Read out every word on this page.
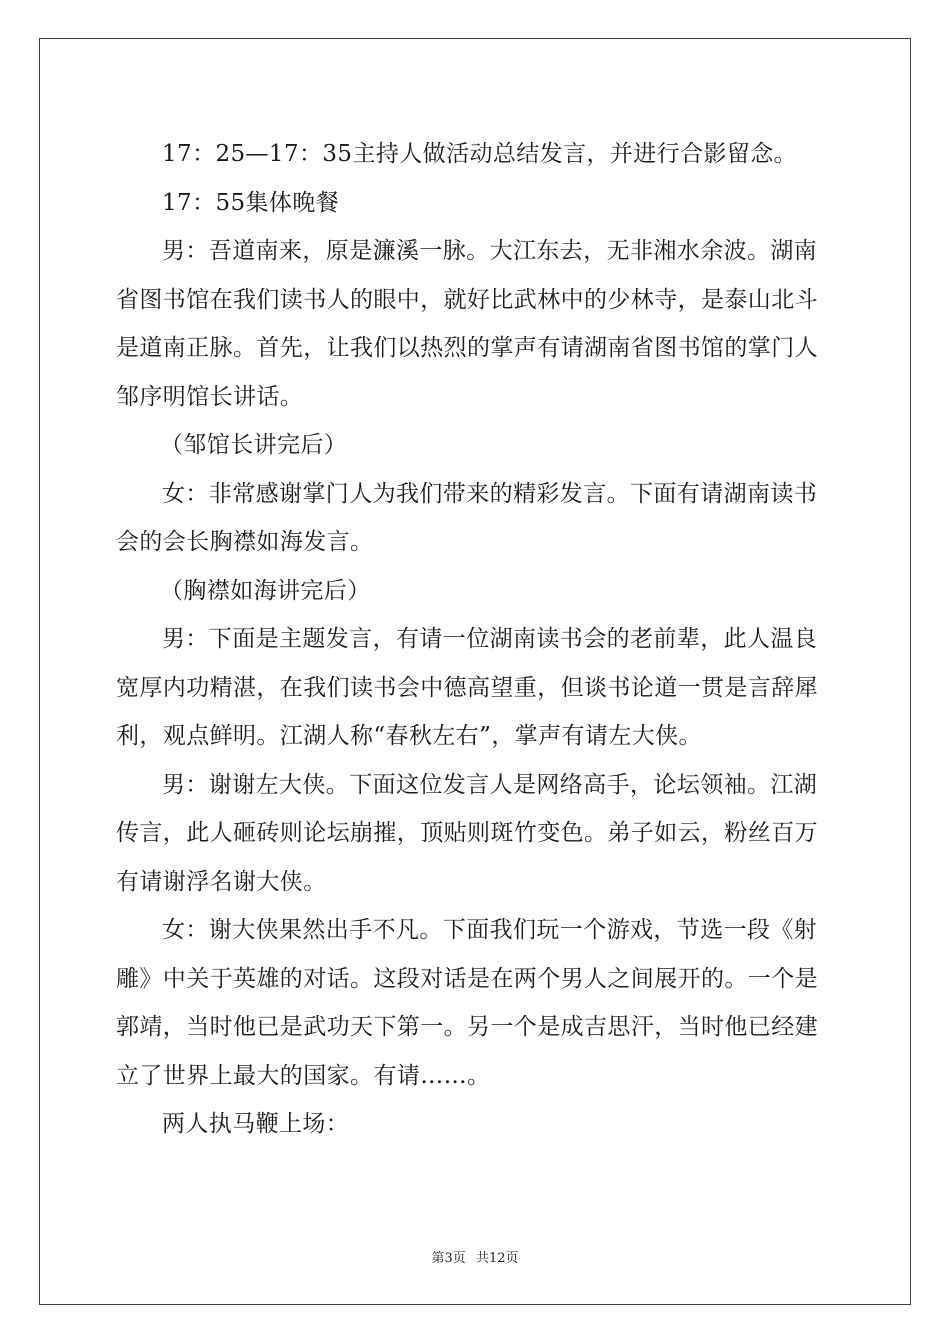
17：25—17：35主持人做活动总结发言，并进行合影留念。

17：55集体晚餐

男：吾道南来，原是濂溪一脉。大江东去，无非湘水余波。湖南省图书馆在我们读书人的眼中，就好比武林中的少林寺，是泰山北斗是道南正脉。首先，让我们以热烈的掌声有请湖南省图书馆的掌门人邹序明馆长讲话。

（邹馆长讲完后）

女：非常感谢掌门人为我们带来的精彩发言。下面有请湖南读书会的会长胸襟如海发言。

（胸襟如海讲完后）

男：下面是主题发言，有请一位湖南读书会的老前辈，此人温良宽厚内功精湛，在我们读书会中德高望重，但谈书论道一贯是言辞犀利，观点鲜明。江湖人称“春秋左右”，掌声有请左大侠。

男：谢谢左大侠。下面这位发言人是网络高手，论坛领袖。江湖传言，此人砸砖则论坛崩摧，顶贴则斑竹变色。弟子如云，粉丝百万有请谢浮名谢大侠。

女：谢大侠果然出手不凡。下面我们玩一个游戏，节选一段《射雕》中关于英雄的对话。这段对话是在两个男人之间展开的。一个是郭靖，当时他已是武功天下第一。另一个是成吉思汗，当时他已经建立了世界上最大的国家。有请……。

两人执马鞭上场：

第3页 共12页
